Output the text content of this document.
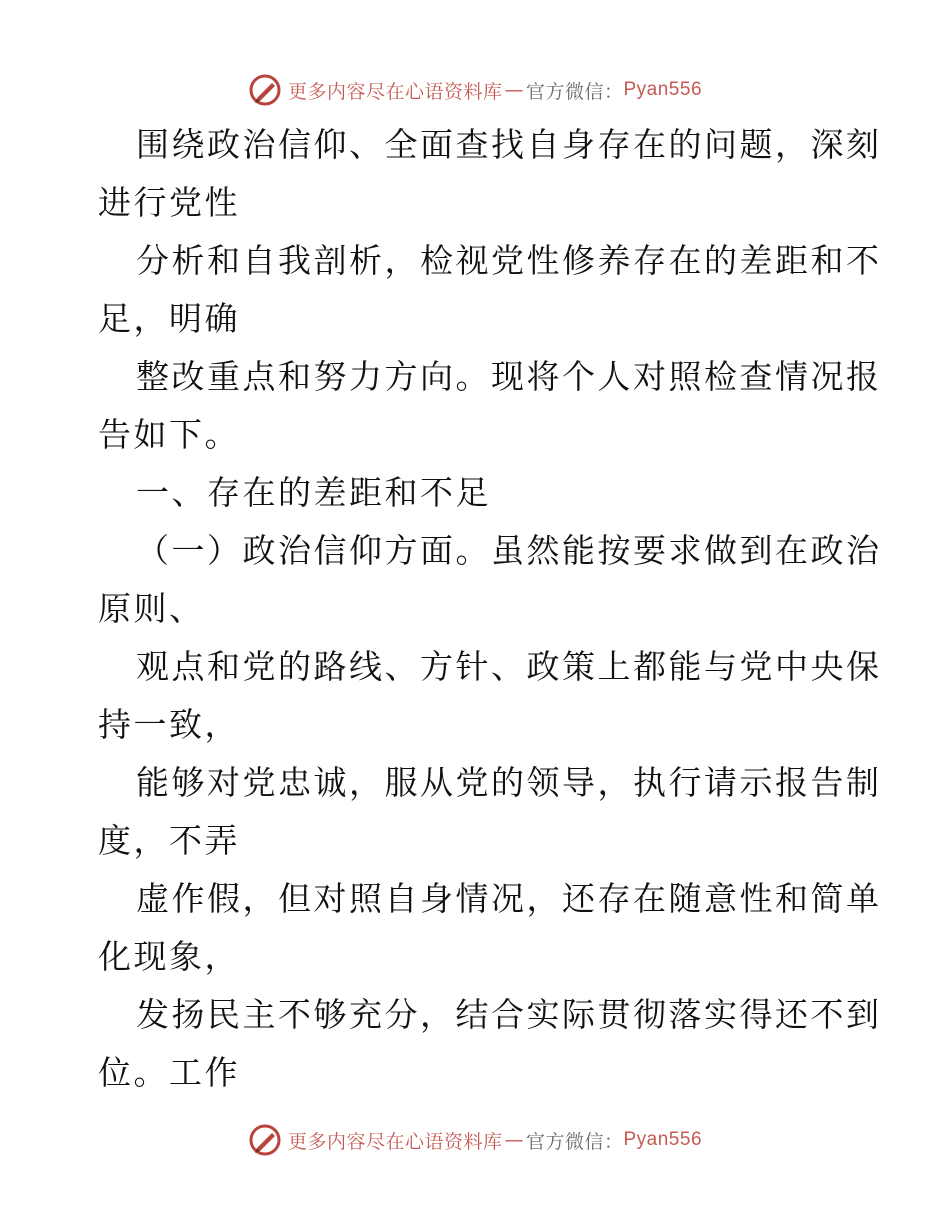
更多内容尽在心语资料库 — 官方微信： Pyan556
围绕政治信仰、全面查找自身存在的问题，深刻
进行党性
分析和自我剖析，检视党性修养存在的差距和不
足，明确
整改重点和努力方向。现将个人对照检查情况报
告如下。
一、存在的差距和不足
（一）政治信仰方面。虽然能按要求做到在政治
原则、
观点和党的路线、方针、政策上都能与党中央保
持一致，
能够对党忠诚，服从党的领导，执行请示报告制
度，不弄
虚作假，但对照自身情况，还存在随意性和简单
化现象，
发扬民主不够充分，结合实际贯彻落实得还不到
位。工作
更多内容尽在心语资料库 — 官方微信： Pyan556
